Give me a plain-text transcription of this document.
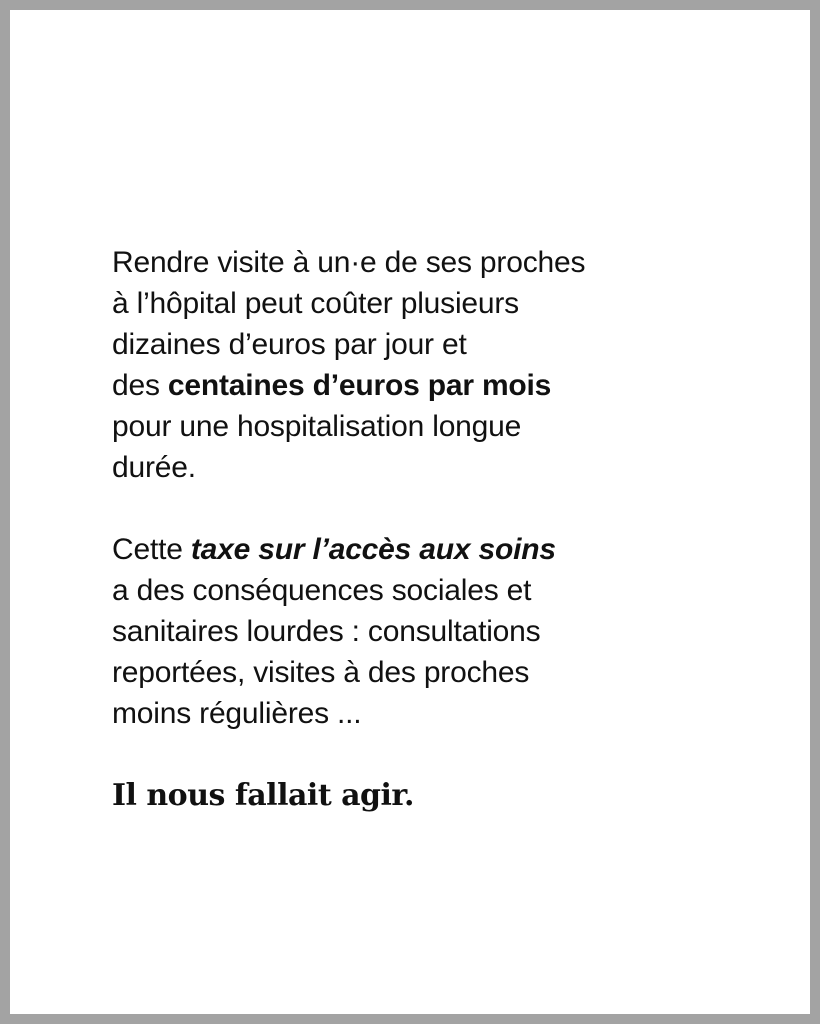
Rendre visite à un·e de ses proches
à l’hôpital peut coûter plusieurs
dizaines d’euros par jour et
des centaines d’euros par mois
pour une hospitalisation longue
durée.

Cette taxe sur l’accès aux soins
a des conséquences sociales et
sanitaires lourdes : consultations
reportées, visites à des proches
moins régulières ...

Il nous fallait agir.
